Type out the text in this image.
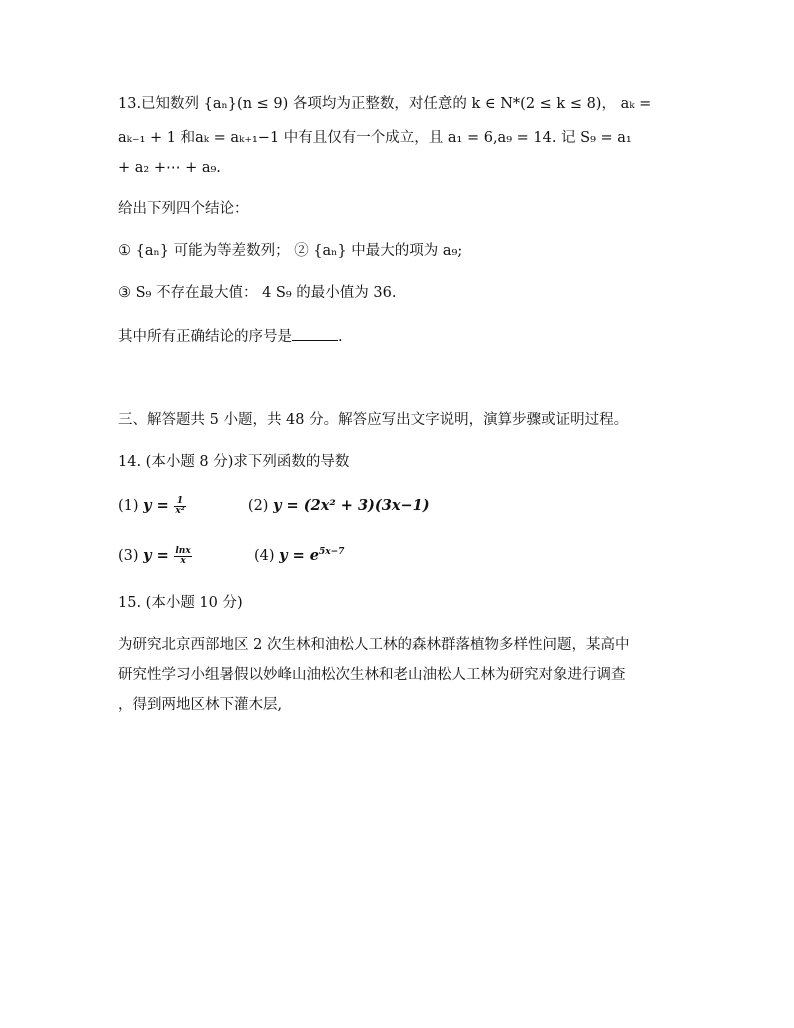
13.已知数列 {aₙ}(n ≤ 9) 各项均为正整数，对任意的 k ∈ N*(2 ≤ k ≤ 8)， aₖ =
aₖ₋₁ + 1 和aₖ = aₖ₊₁−1 中有且仅有一个成立，且 a₁ = 6,a₉ = 14. 记 S₉ = a₁
+ a₂ +⋯ + a₉.
给出下列四个结论：
① {aₙ} 可能为等差数列； ② {aₙ} 中最大的项为 a₉;
③ S₉ 不存在最大值： 4 S₉ 的最小值为 36.
其中所有正确结论的序号是	.
三、解答题共 5 小题，共 48 分。解答应写出文字说明，演算步骤或证明过程。
14. (本小题 8 分)求下列函数的导数
(1) $y = \frac{1}{\text{x²}}$	(2) y = (2x² + 3)(3x−1)
(3) $y = \frac{\ln x}{x}$	(4) $y = e^{5x-7}$
15. (本小题 10 分)
为研究北京西部地区 2 次生林和油松人工林的森林群落植物多样性问题，某高中
研究性学习小组暑假以妙峰山油松次生林和老山油松人工林为研究对象进行调查
，得到两地区林下灌木层,
